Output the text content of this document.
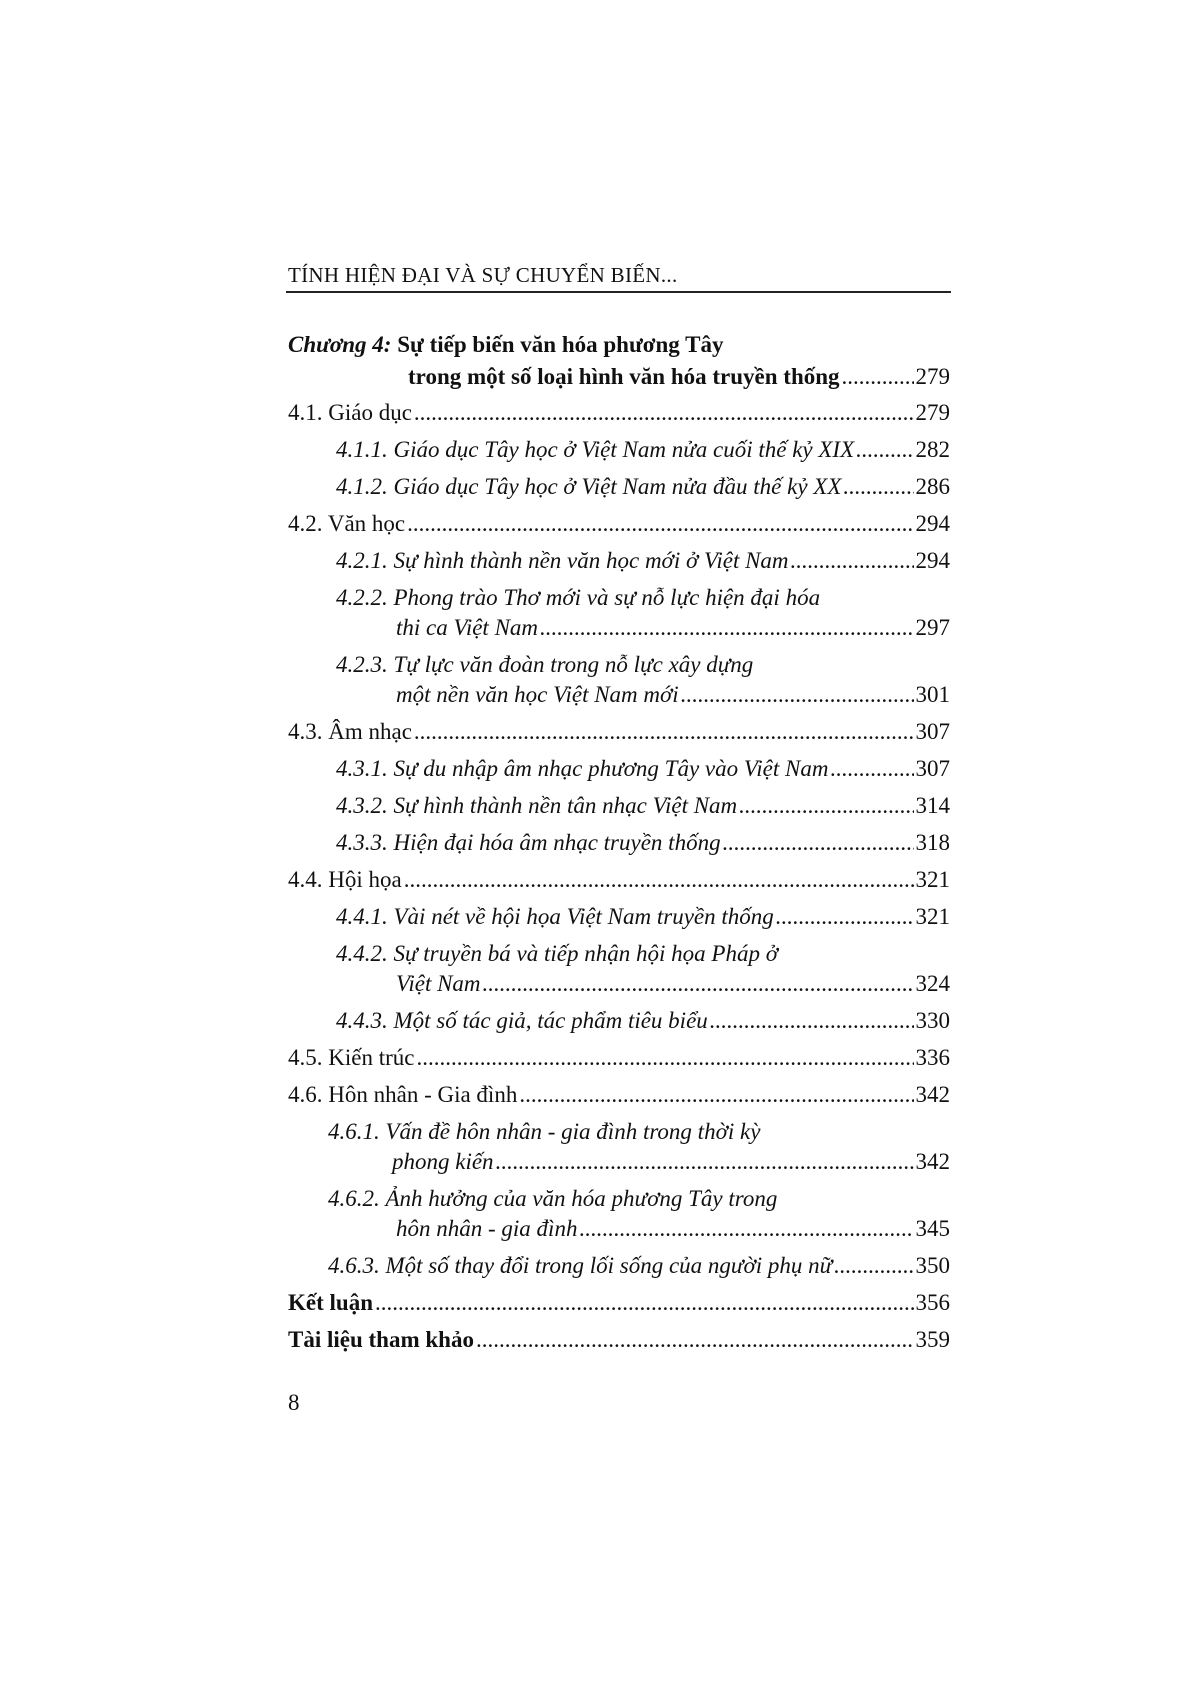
TÍNH HIỆN ĐẠI VÀ SỰ CHUYỂN BIẾN...
Chương 4: Sự tiếp biến văn hóa phương Tây
trong một số loại hình văn hóa truyền thống .....	279
4.1. Giáo dục .....	279
4.1.1. Giáo dục Tây học ở Việt Nam nửa cuối thế kỷ XIX .....	282
4.1.2. Giáo dục Tây học ở Việt Nam nửa đầu thế kỷ XX .....	286
4.2. Văn học .....	294
4.2.1. Sự hình thành nền văn học mới ở Việt Nam .....	294
4.2.2. Phong trào Thơ mới và sự nỗ lực hiện đại hóa
thi ca Việt Nam .....	297
4.2.3. Tự lực văn đoàn trong nỗ lực xây dựng
một nền văn học Việt Nam mới .....	301
4.3. Âm nhạc .....	307
4.3.1. Sự du nhập âm nhạc phương Tây vào Việt Nam .....	307
4.3.2. Sự hình thành nền tân nhạc Việt Nam .....	314
4.3.3. Hiện đại hóa âm nhạc truyền thống .....	318
4.4. Hội họa .....	321
4.4.1. Vài nét về hội họa Việt Nam truyền thống .....	321
4.4.2. Sự truyền bá và tiếp nhận hội họa Pháp ở
Việt Nam .....	324
4.4.3. Một số tác giả, tác phẩm tiêu biểu .....	330
4.5. Kiến trúc .....	336
4.6. Hôn nhân - Gia đình .....	342
4.6.1. Vấn đề hôn nhân - gia đình trong thời kỳ
phong kiến .....	342
4.6.2. Ảnh hưởng của văn hóa phương Tây trong
hôn nhân - gia đình .....	345
4.6.3. Một số thay đổi trong lối sống của người phụ nữ .....	350
Kết luận .....	356
Tài liệu tham khảo .....	359
8
